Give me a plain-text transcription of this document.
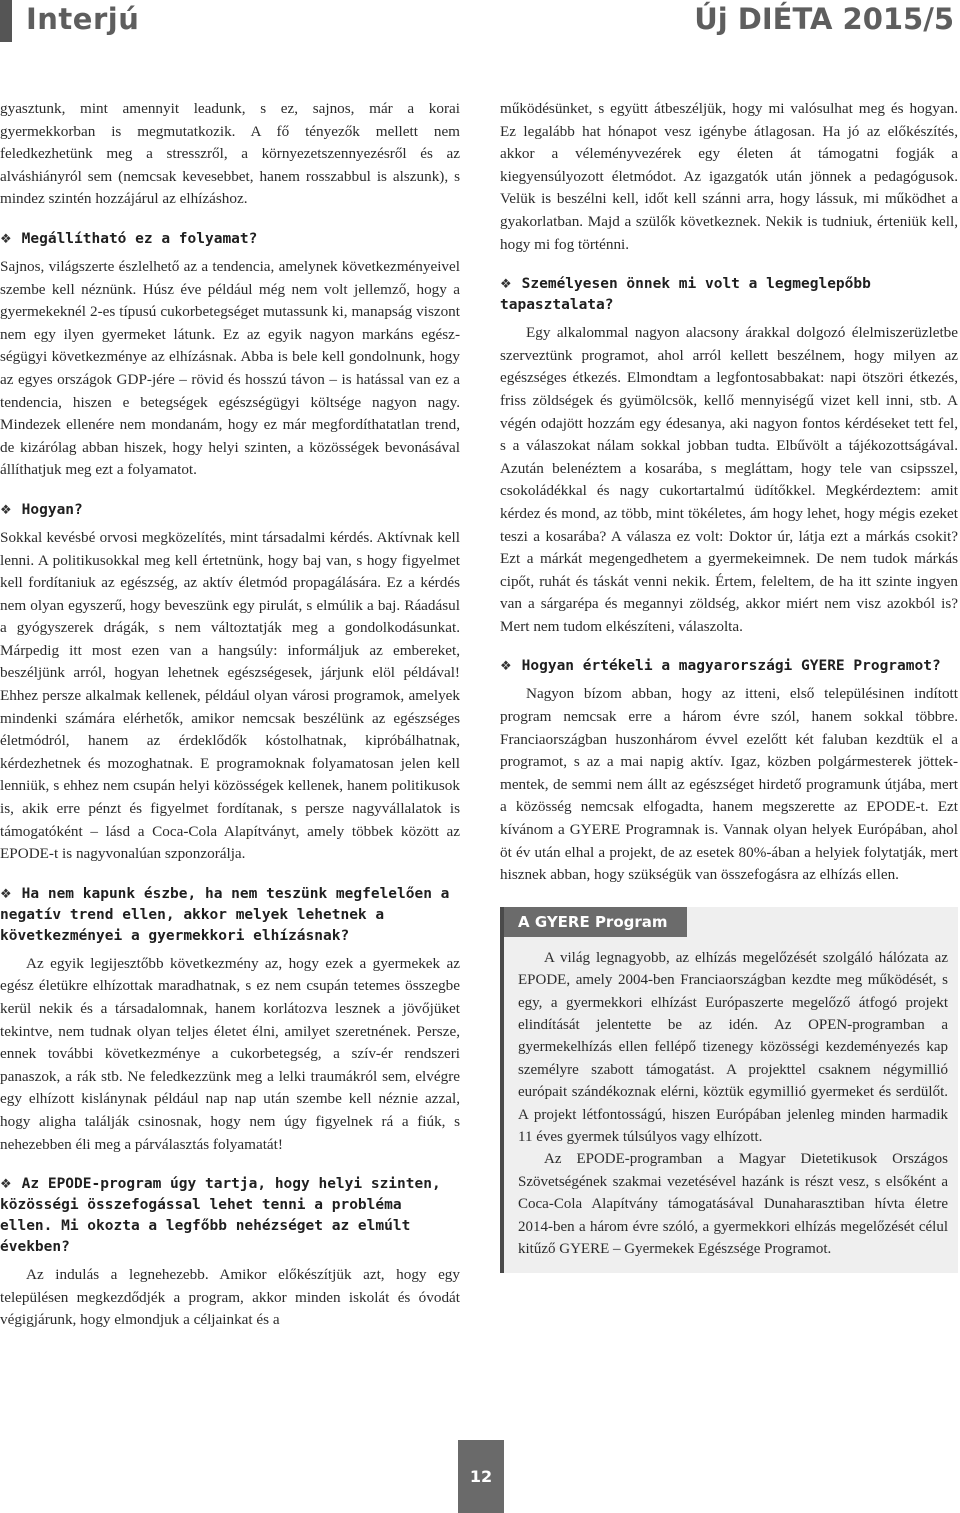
Interjú	Új DIÉTA 2015/5

gyasztunk, mint amennyit leadunk, s ez, sajnos, már a korai gyermekkorban is megmutatkozik. A fő tényezők mellett nem feledkezhetünk meg a stresszről, a környezetszennyezésről és az alváshiányról sem (nemcsak kevesebbet, hanem rosszabbul is alszunk), s mindez szintén hozzájárul az elhízáshoz.

❖ Megállítható ez a folyamat?

Sajnos, világszerte észlelhető az a tendencia, amelynek következményeivel szembe kell néznünk. Húsz éve például még nem volt jellemző, hogy a gyermekeknél 2-es típusú cukorbetegséget mutassunk ki, manapság viszont nem egy ilyen gyermeket látunk. Ez az egyik nagyon markáns egészségügyi következménye az elhízásnak. Abba is bele kell gondolnunk, hogy az egyes országok GDP-jére – rövid és hosszú távon – is hatással van ez a tendencia, hiszen e betegségek egészségügyi költsége nagyon nagy. Mindezek ellenére nem mondanám, hogy ez már megfordíthatatlan trend, de kizárólag abban hiszek, hogy helyi szinten, a közösségek bevonásával állíthatjuk meg ezt a folyamatot.

❖ Hogyan?

Sokkal kevésbé orvosi megközelítés, mint társadalmi kérdés. Aktívnak kell lenni. A politikusokkal meg kell értetnünk, hogy baj van, s hogy figyelmet kell fordítaniuk az egészség, az aktív életmód propagálására. Ez a kérdés nem olyan egyszerű, hogy beveszünk egy pirulát, s elmúlik a baj. Ráadásul a gyógyszerek drágák, s nem változtatják meg a gondolkodásunkat. Márpedig itt most ezen van a hangsúly: informáljuk az embereket, beszéljünk arról, hogyan lehetnek egészségesek, járjunk elöl példával! Ehhez persze alkalmak kellenek, például olyan városi programok, amelyek mindenki számára elérhetők, amikor nemcsak beszélünk az egészséges életmódról, hanem az érdeklődők kóstolhatnak, kipróbálhatnak, kérdezhetnek és mozoghatnak. E programoknak folyamatosan jelen kell lenniük, s ehhez nem csupán helyi közösségek kellenek, hanem politikusok is, akik erre pénzt és figyelmet fordítanak, s persze nagyvállalatok is támogatóként – lásd a Coca-Cola Alapítványt, amely többek között az EPODE-t is nagyvonalúan szponzorálja.

❖ Ha nem kapunk észbe, ha nem teszünk megfelelően a negatív trend ellen, akkor melyek lehetnek a következményei a gyermekkori elhízásnak?

Az egyik legijesztőbb következmény az, hogy ezek a gyermekek az egész életükre elhízottak maradhatnak, s ez nem csupán tetemes összegbe kerül nekik és a társadalomnak, hanem korlátozva lesznek a jövőjüket tekintve, nem tudnak olyan teljes életet élni, amilyet szeretnének. Persze, ennek további következménye a cukorbetegség, a szív-ér rendszeri panaszok, a rák stb. Ne feledkezzünk meg a lelki traumákról sem, elvégre egy elhízott kislánynak például nap nap után szembe kell néznie azzal, hogy aligha találják csinosnak, hogy nem úgy figyelnek rá a fiúk, s nehezebben éli meg a párválasztás folyamatát!

❖ Az EPODE-program úgy tartja, hogy helyi szinten, közösségi összefogással lehet tenni a probléma ellen. Mi okozta a legfőbb nehézséget az elmúlt években?

Az indulás a legnehezebb. Amikor előkészítjük azt, hogy egy településen megkezdődjék a program, akkor minden iskolát és óvodát végigjárunk, hogy elmondjuk a céljainkat és a

működésünket, s együtt átbeszéljük, hogy mi valósulhat meg és hogyan. Ez legalább hat hónapot vesz igénybe átlagosan. Ha jó az előkészítés, akkor a véleményvezérek egy életen át támogatni fogják a kiegyensúlyozott életmódot. Az igazgatók után jönnek a pedagógusok. Velük is beszélni kell, időt kell szánni arra, hogy lássuk, mi működhet a gyakorlatban. Majd a szülők következnek. Nekik is tudniuk, érteniük kell, hogy mi fog történni.

❖ Személyesen önnek mi volt a legmeglepőbb tapasztalata?

Egy alkalommal nagyon alacsony árakkal dolgozó élelmiszerüzletbe szerveztünk programot, ahol arról kellett beszélnem, hogy milyen az egészséges étkezés. Elmondtam a legfontosabbakat: napi ötszöri étkezés, friss zöldségek és gyümölcsök, kellő mennyiségű vizet kell inni, stb. A végén odajött hozzám egy édesanya, aki nagyon fontos kérdéseket tett fel, s a válaszokat nálam sokkal jobban tudta. Elbűvölt a tájékozottságával. Azután belenéztem a kosarába, s megláttam, hogy tele van csipsszel, csokoládékkal és nagy cukortartalmú üdítőkkel. Megkérdeztem: amit kérdez és mond, az több, mint tökéletes, ám hogy lehet, hogy mégis ezeket teszi a kosarába? A válasza ez volt: Doktor úr, látja ezt a márkás csokit? Ezt a márkát megengedhetem a gyermekeimnek. De nem tudok márkás cipőt, ruhát és táskát venni nekik. Értem, feleltem, de ha itt szinte ingyen van a sárgarépa és megannyi zöldség, akkor miért nem visz azokból is? Mert nem tudom elkészíteni, válaszolta.

❖ Hogyan értékeli a magyarországi GYERE Programot?

Nagyon bízom abban, hogy az itteni, első településinen indított program nemcsak erre a három évre szól, hanem sokkal többre. Franciaországban huszonhárom évvel ezelőtt két faluban kezdtük el a programot, s az a mai napig aktív. Igaz, közben polgármesterek jöttek-mentek, de semmi nem állt az egészséget hirdető programunk útjába, mert a közösség nemcsak elfogadta, hanem megszerette az EPODE-t. Ezt kívánom a GYERE Programnak is. Vannak olyan helyek Európában, ahol öt év után elhal a projekt, de az esetek 80%-ában a helyiek folytatják, mert hisznek abban, hogy szükségük van összefogásra az elhízás ellen.

A GYERE Program

A világ legnagyobb, az elhízás megelőzését szolgáló hálózata az EPODE, amely 2004-ben Franciaországban kezdte meg működését, s egy, a gyermekkori elhízást Európaszerte megelőző átfogó projekt elindítását jelentette be az idén. Az OPEN-programban a gyermekelhízás ellen fellépő tizenegy közösségi kezdeményezés kap személyre szabott támogatást. A projekttel csaknem négymillió európait szándékoznak elérni, köztük egymillió gyermeket és serdülőt. A projekt létfontosságú, hiszen Európában jelenleg minden harmadik 11 éves gyermek túlsúlyos vagy elhízott.

Az EPODE-programban a Magyar Dietetikusok Országos Szövetségének szakmai vezetésével hazánk is részt vesz, s elsőként a Coca-Cola Alapítvány támogatásával Dunaharasztiban hívta életre 2014-ben a három évre szóló, a gyermekkori elhízás megelőzését célul kitűző GYERE – Gyermekek Egészsége Programot.

12
